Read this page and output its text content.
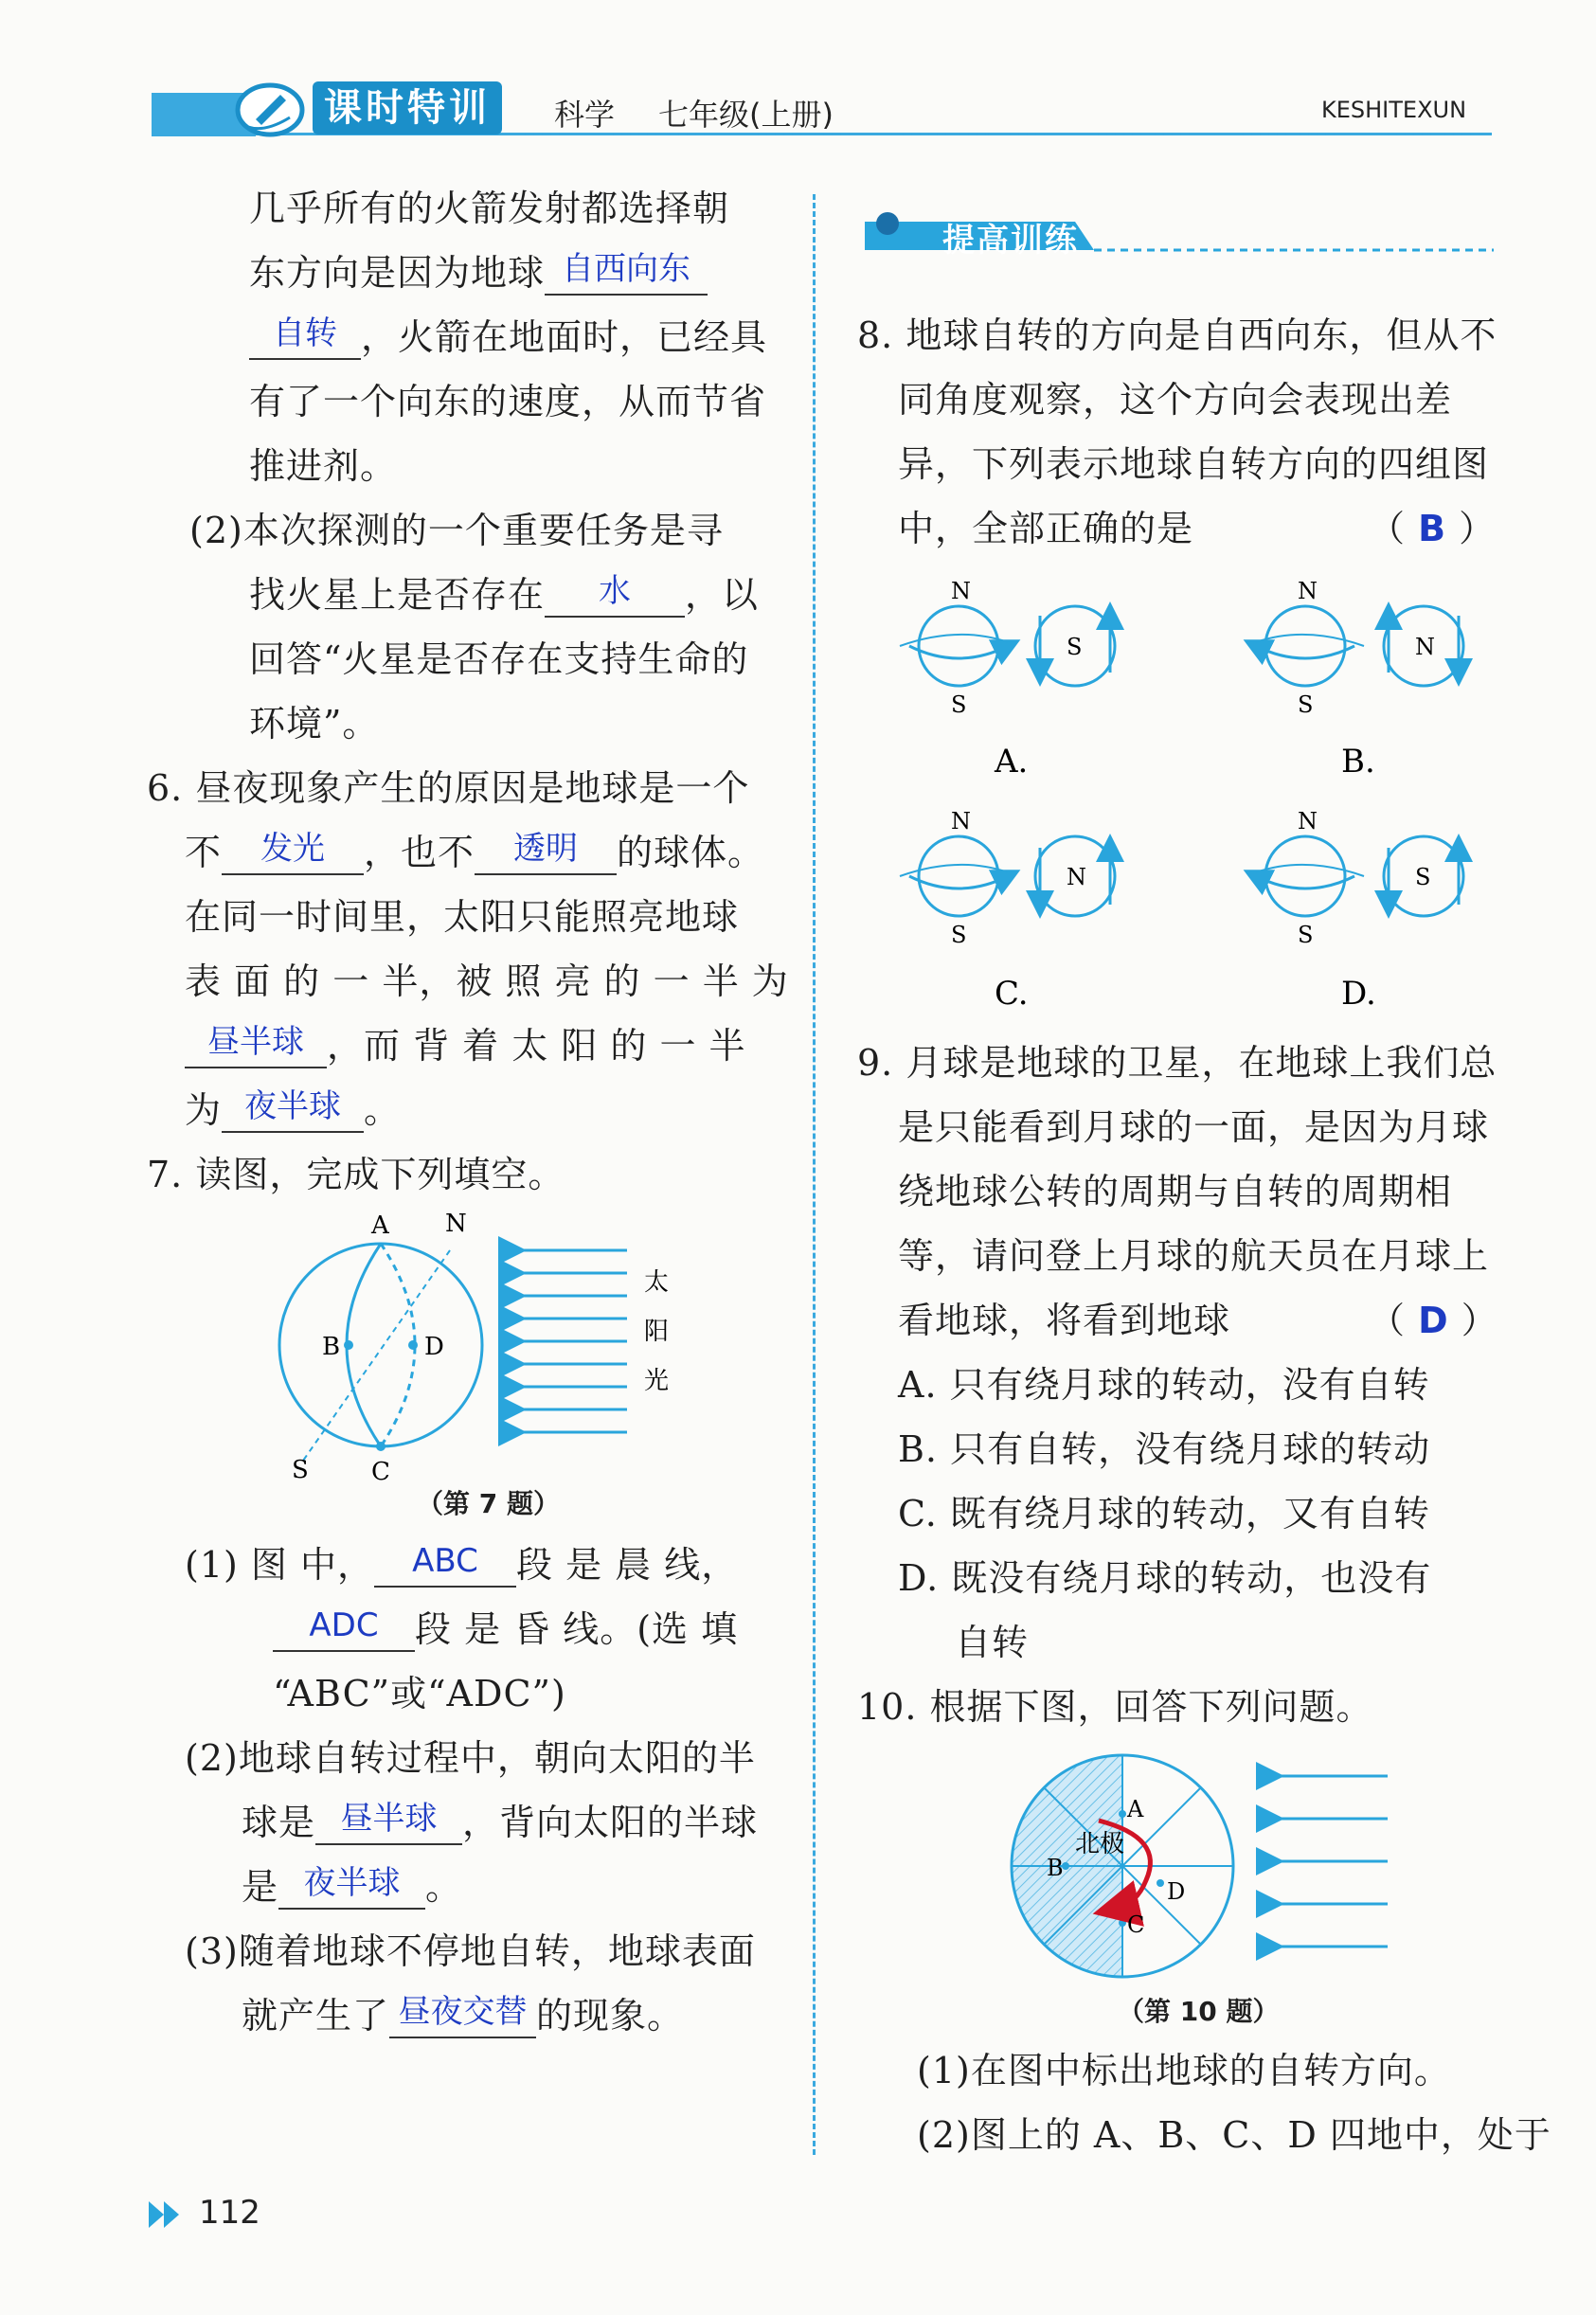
课时特训	科学 七年级(上册)	KESHITEXUN
几乎所有的火箭发射都选择朝
东方向是因为地球 自西向东
自转 ，火箭在地面时，已经具
有了一个向东的速度，从而节省
推进剂。
(2)本次探测的一个重要任务是寻
找火星上是否存在	水	，以
回答“火星是否存在支持生命的
环境”。
6. 昼夜现象产生的原因是地球是一个
不	发光	，也不	透明	的球体。
在同一时间里，太阳只能照亮地球
表 面 的 一 半，被 照 亮 的 一 半 为
昼半球 ，而 背 着 太 阳 的 一 半
为 夜半球 。
7. 读图，完成下列填空。
A N
B	D
S	C
太
阳
光
（第 7 题）
(1) 图 中，	ABC	段 是 晨 线，
ADC	段 是 昏 线。(选 填
“ABC”或“ADC”)
(2)地球自转过程中，朝向太阳的半
球是 昼半球 ，背向太阳的半球
是 夜半球 。
(3)随着地球不停地自转，地球表面
就产生了 昼夜交替 的现象。
提高训练
8. 地球自转的方向是自西向东，但从不
同角度观察，这个方向会表现出差
异，下列表示地球自转方向的四组图
中，全部正确的是	（ B ）
N
S
S
A.
N
S
N
B.
N
S
N
C.
N
S
S
D.
9. 月球是地球的卫星，在地球上我们总
是只能看到月球的一面，是因为月球
绕地球公转的周期与自转的周期相
等，请问登上月球的航天员在月球上
看地球，将看到地球	（ D ）
A. 只有绕月球的转动，没有自转
B. 只有自转，没有绕月球的转动
C. 既有绕月球的转动，又有自转
D. 既没有绕月球的转动，也没有
自转
10. 根据下图，回答下列问题。
A
B
北极
C
D
（第 10 题）
(1)在图中标出地球的自转方向。
(2)图上的 A、B、C、D 四地中，处于
112
